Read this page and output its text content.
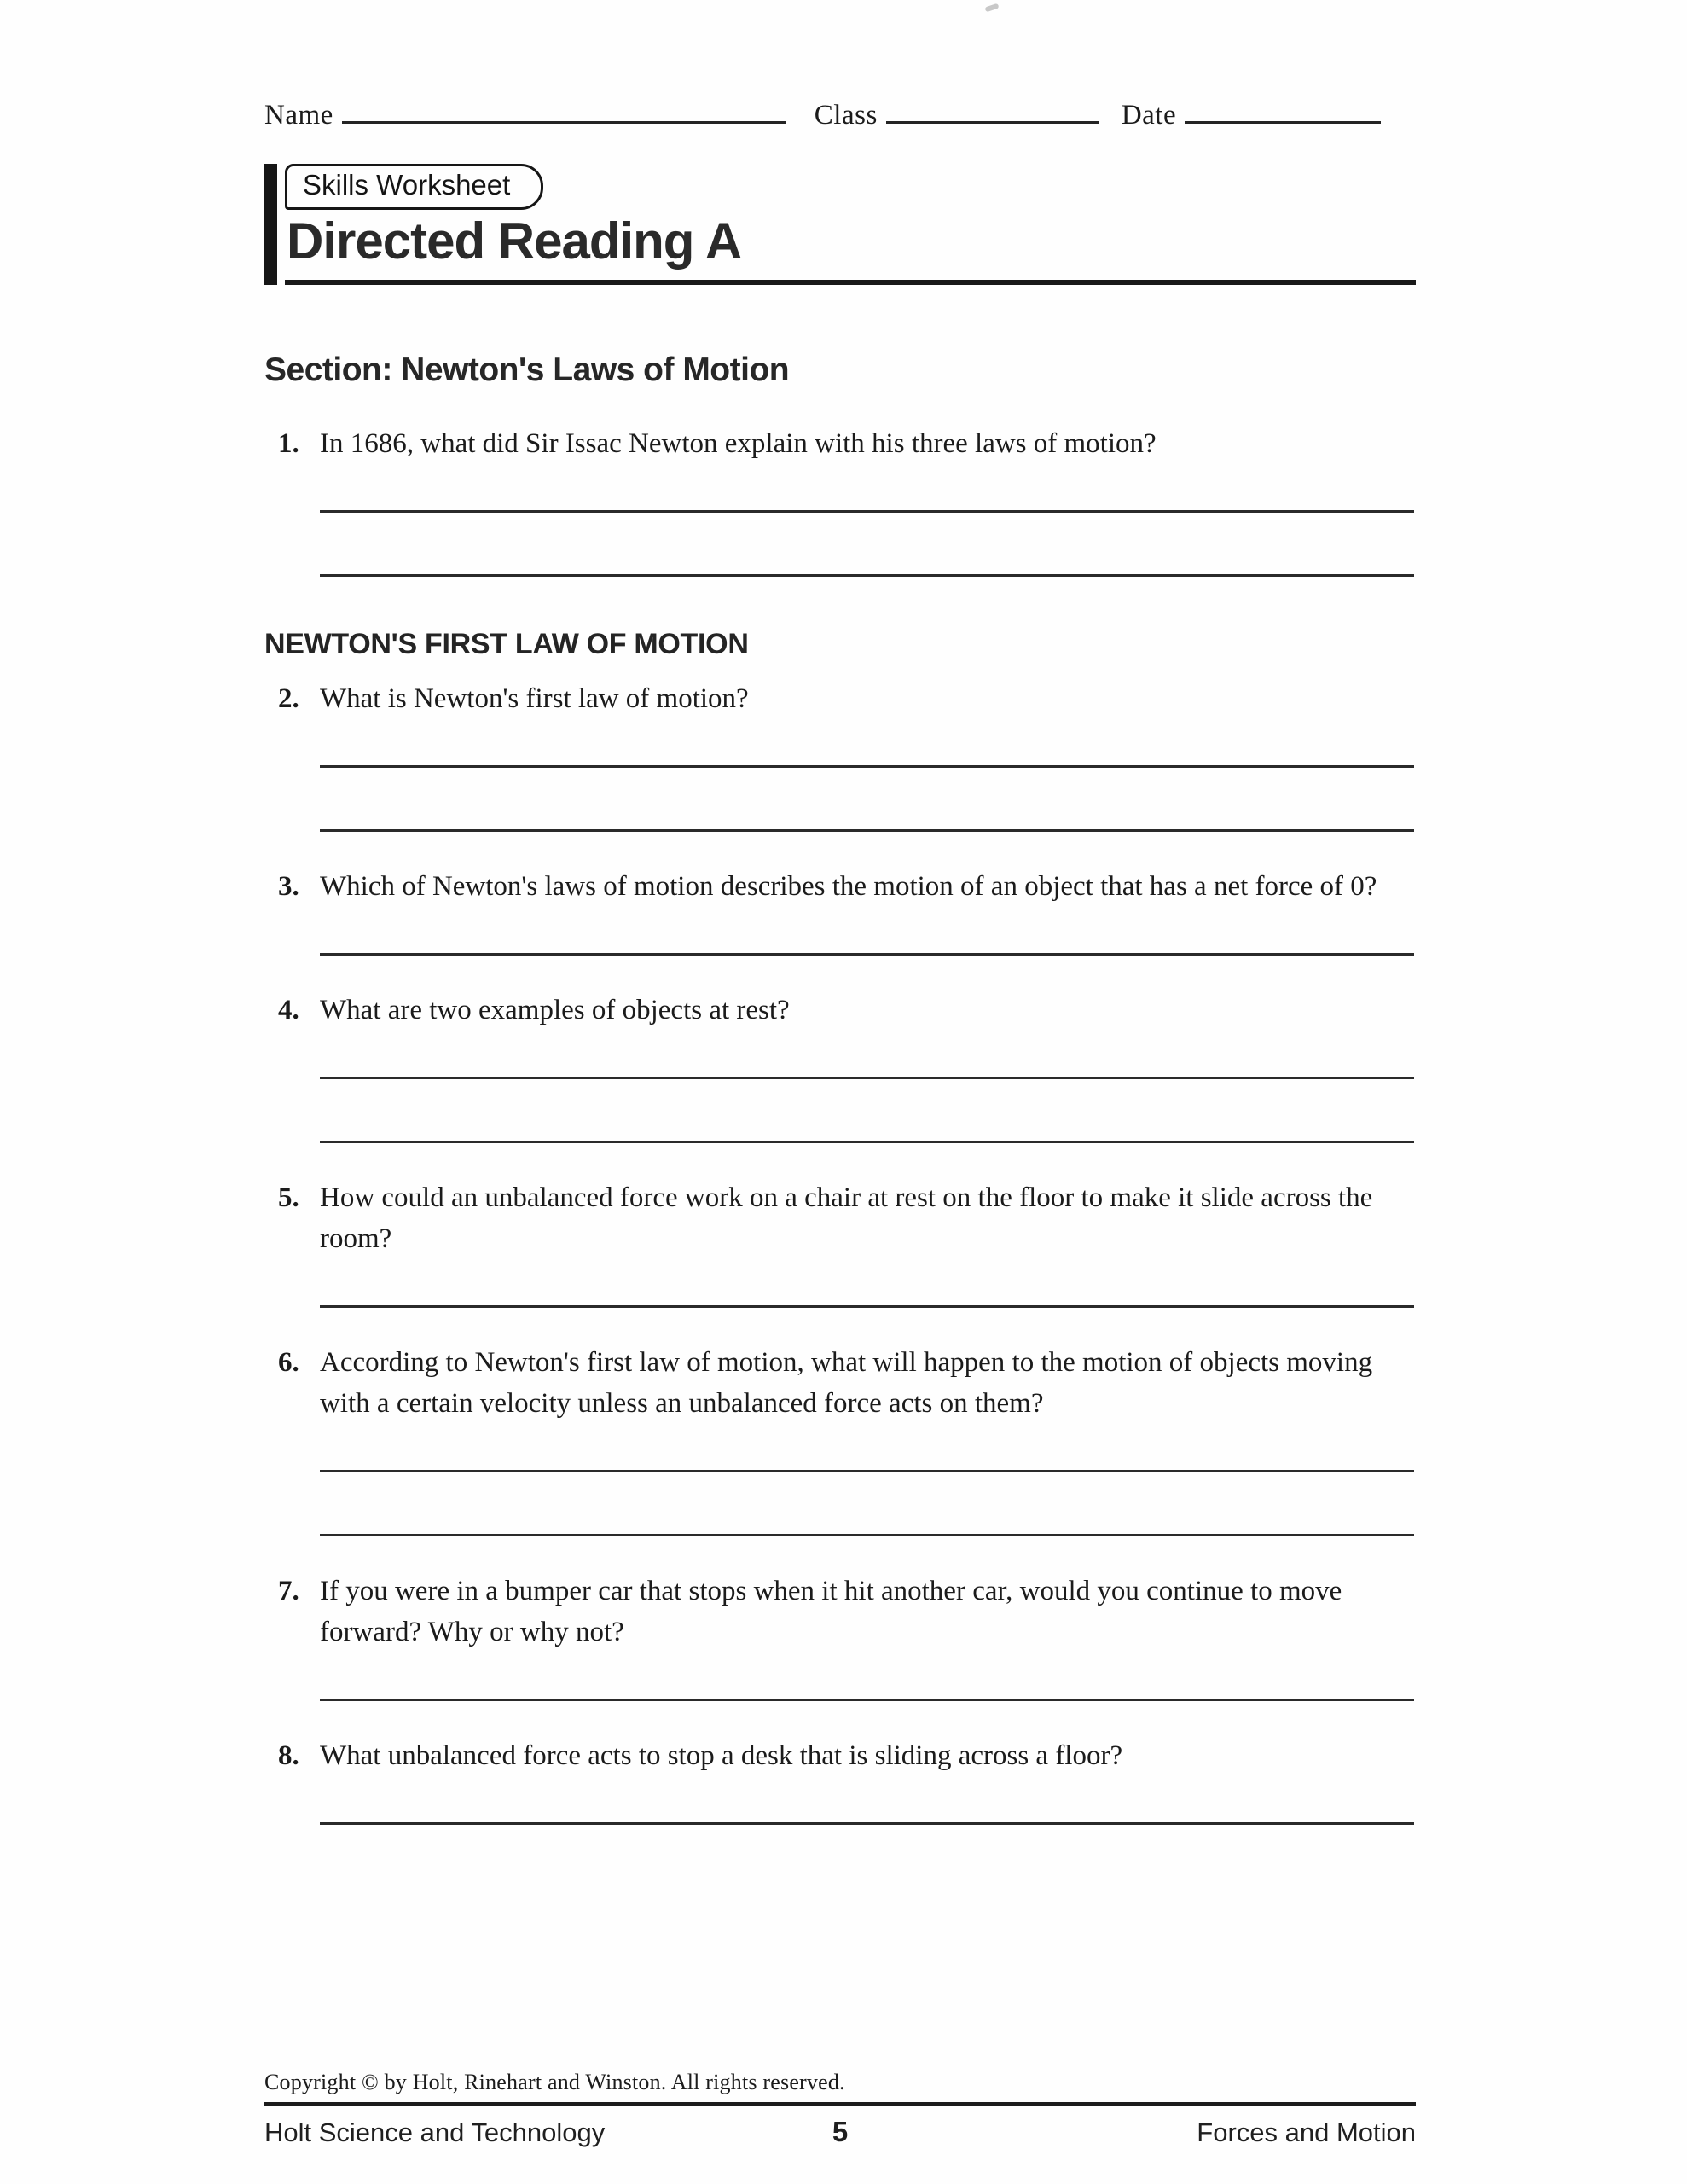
Name	Class	Date
Skills Worksheet
Directed Reading A
Section: Newton's Laws of Motion
1. In 1686, what did Sir Issac Newton explain with his three laws of motion?
NEWTON'S FIRST LAW OF MOTION
2. What is Newton's first law of motion?
3. Which of Newton's laws of motion describes the motion of an object that has a net force of 0?
4. What are two examples of objects at rest?
5. How could an unbalanced force work on a chair at rest on the floor to make it slide across the room?
6. According to Newton's first law of motion, what will happen to the motion of objects moving with a certain velocity unless an unbalanced force acts on them?
7. If you were in a bumper car that stops when it hit another car, would you continue to move forward? Why or why not?
8. What unbalanced force acts to stop a desk that is sliding across a floor?
Copyright © by Holt, Rinehart and Winston. All rights reserved.
Holt Science and Technology	5	Forces and Motion
